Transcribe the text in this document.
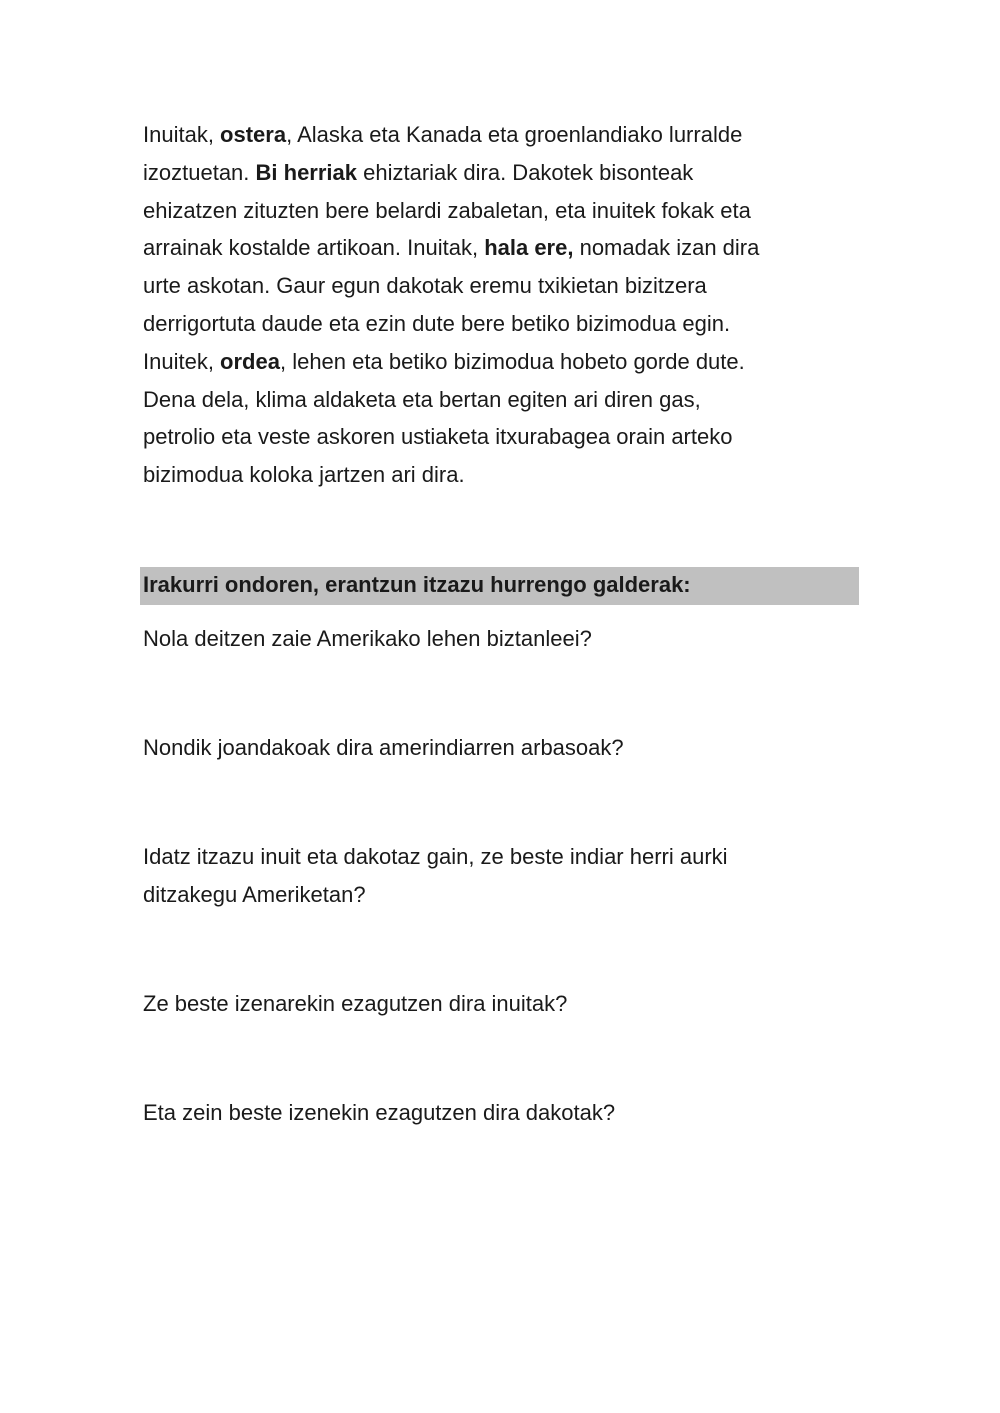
Inuitak, ostera, Alaska eta Kanada eta groenlandiako lurralde
izoztuetan. Bi herriak ehiztariak dira. Dakotek bisonteak
ehizatzen zituzten bere belardi zabaletan, eta inuitek fokak eta
arrainak kostalde artikoan. Inuitak, hala ere, nomadak izan dira
urte askotan. Gaur egun dakotak eremu txikietan bizitzera
derrigortuta daude eta ezin dute bere betiko bizimodua egin.
Inuitek, ordea, lehen eta betiko bizimodua hobeto gorde dute.
Dena dela, klima aldaketa eta bertan egiten ari diren gas,
petrolio eta veste askoren ustiaketa itxurabagea orain arteko
bizimodua koloka jartzen ari dira.

Irakurri ondoren, erantzun itzazu hurrengo galderak:

Nola deitzen zaie Amerikako lehen biztanleei?

Nondik joandakoak dira amerindiarren arbasoak?

Idatz itzazu inuit eta dakotaz gain, ze beste indiar herri aurki
ditzakegu Ameriketan?

Ze beste izenarekin ezagutzen dira inuitak?

Eta zein beste izenekin ezagutzen dira dakotak?
